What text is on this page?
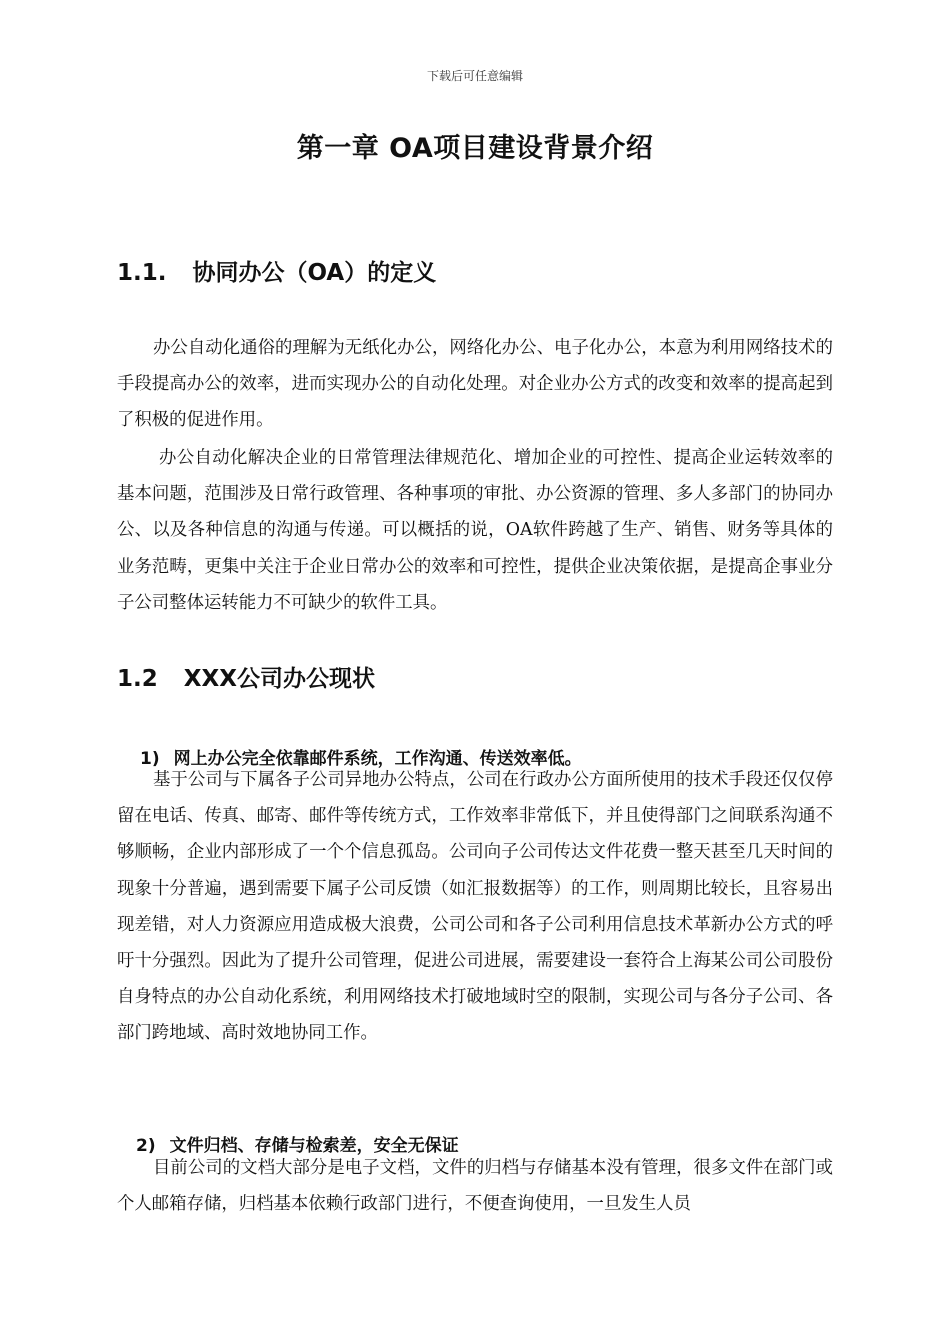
下载后可任意编辑
第一章 OA项目建设背景介绍
1.1. 协同办公（OA）的定义

办公自动化通俗的理解为无纸化办公，网络化办公、电子化办公，本意为利用网络技术的手段提高办公的效率，进而实现办公的自动化处理。对企业办公方式的改变和效率的提高起到了积极的促进作用。

办公自动化解决企业的日常管理法律规范化、增加企业的可控性、提高企业运转效率的基本问题，范围涉及日常行政管理、各种事项的审批、办公资源的管理、多人多部门的协同办公、以及各种信息的沟通与传递。可以概括的说，OA软件跨越了生产、销售、财务等具体的业务范畴，更集中关注于企业日常办公的效率和可控性，提供企业决策依据，是提高企事业分子公司整体运转能力不可缺少的软件工具。

1.2 XXX公司办公现状
1) 网上办公完全依靠邮件系统，工作沟通、传送效率低。

基于公司与下属各子公司异地办公特点，公司在行政办公方面所使用的技术手段还仅仅停留在电话、传真、邮寄、邮件等传统方式，工作效率非常低下，并且使得部门之间联系沟通不够顺畅，企业内部形成了一个个信息孤岛。公司向子公司传达文件花费一整天甚至几天时间的现象十分普遍，遇到需要下属子公司反馈（如汇报数据等）的工作，则周期比较长，且容易出现差错，对人力资源应用造成极大浪费，公司公司和各子公司利用信息技术革新办公方式的呼吁十分强烈。因此为了提升公司管理，促进公司进展，需要建设一套符合上海某公司公司股份自身特点的办公自动化系统，利用网络技术打破地域时空的限制，实现公司与各分子公司、各部门跨地域、高时效地协同工作。

2) 文件归档、存储与检索差，安全无保证

目前公司的文档大部分是电子文档，文件的归档与存储基本没有管理，很多文件在部门或个人邮箱存储，归档基本依赖行政部门进行，不便查询使用，一旦发生人员
